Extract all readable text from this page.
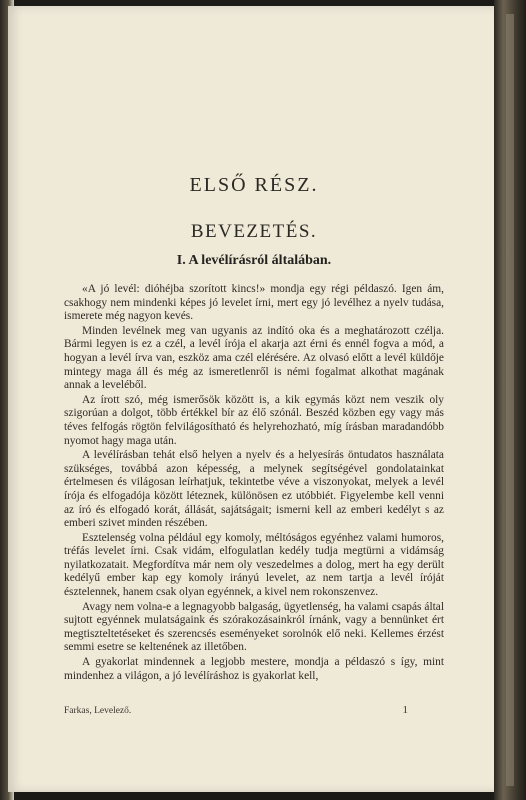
ELSŐ RÉSZ.
BEVEZETÉS.
I. A levélírásról általában.

«A jó levél: dióhéjba szorított kincs!» mondja egy régi példaszó. Igen ám, csakhogy nem mindenki képes jó levelet írni, mert egy jó levélhez a nyelv tudása, ismerete még nagyon kevés.

Minden levélnek meg van ugyanis az indító oka és a meghatározott czélja. Bármi legyen is ez a czél, a levél írója el akarja azt érni és ennél fogva a mód, a hogyan a levél írva van, eszköz ama czél elérésére. Az olvasó előtt a levél küldője mintegy maga áll és még az ismeretlenről is némi fogalmat alkothat magának annak a leveléből.

Az írott szó, még ismerősök között is, a kik egymás közt nem veszik oly szigorúan a dolgot, több értékkel bír az élő szónál. Beszéd közben egy vagy más téves felfogás rögtön felvilágosítható és helyrehozható, míg írásban maradandóbb nyomot hagy maga után.

A levélírásban tehát első helyen a nyelv és a helyesírás öntudatos használata szükséges, továbbá azon képesség, a melynek segítségével gondolatainkat értelmesen és világosan leírhatjuk, tekintetbe véve a viszonyokat, melyek a levél írója és elfogadója között léteznek, különösen ez utóbbiét. Figyelembe kell venni az író és elfogadó korát, állását, sajátságait; ismerni kell az emberi kedélyt s az emberi szivet minden részében.

Esztelenség volna például egy komoly, méltóságos egyénhez valami humoros, tréfás levelet írni. Csak vidám, elfogulatlan kedély tudja megtürni a vidámság nyilatkozatait. Megfordítva már nem oly veszedelmes a dolog, mert ha egy derült kedélyű ember kap egy komoly irányú levelet, az nem tartja a levél íróját észtelennek, hanem csak olyan egyénnek, a kivel nem rokonszenvez.

Avagy nem volna-e a legnagyobb balgaság, ügyetlenség, ha valami csapás által sujtott egyénnek mulatságaink és szórakozásainkról írnánk, vagy a bennünket ért megtiszteltetéseket és szerencsés eseményeket sorolnók elő neki. Kellemes érzést semmi esetre se keltenének az illetőben.

A gyakorlat mindennek a legjobb mestere, mondja a példaszó s így, mint mindenhez a világon, a jó levélíráshoz is gyakorlat kell,

Farkas, Levelező.	1
